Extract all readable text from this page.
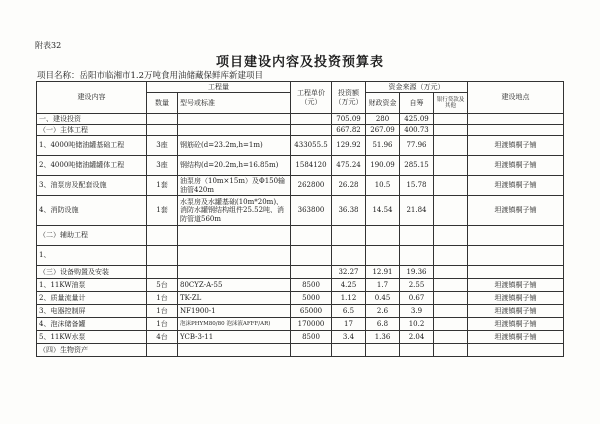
附表32
项目建设内容及投资预算表
项目名称：岳阳市临湘市1.2万吨食用油储藏保鲜库新建项目
建设内容	工程量		工程单价（元）	投资额（万元）	资金来源（万元）			建设地点
	数量	型号或标准			财政资金	自筹	银行贷款及其他	
一、建设投资				705.09	280	425.09		
（一）主体工程				667.82	267.09	400.73		
1、4000吨储油罐基础工程	3座	钢筋砼(d=23.2m,h=1m)	433055.5	129.92	51.96	77.96		坦渡镇桐子铺
2、4000吨储油罐罐体工程	3座	钢结构(d=20.2m,h=16.85m)	1584120	475.24	190.09	285.15		坦渡镇桐子铺
3、油泵房及配套设施	1套	油泵房（10m×15m）及Φ150输油管420m	262800	26.28	10.5	15.78		坦渡镇桐子铺
4、消防设施	1套	水泵房及水罐基础(10m*20m)、消防水罐钢结构组件25.52吨、消防管道560m	363800	36.38	14.54	21.84		坦渡镇桐子铺
（二）辅助工程								
1、								
（三）设备购置及安装				32.27	12.91	19.36		
1、11KW油泵	5台	80CYZ-A-55	8500	4.25	1.7	2.55		坦渡镇桐子铺
2、质量流量计	1台	TK-ZL	5000	1.12	0.45	0.67		坦渡镇桐子铺
3、电器控制屏	1台	NF1900-1	65000	6.5	2.6	3.9		坦渡镇桐子铺
4、泡沫储备罐	1台	泡沫PHYM80/80 泡沫液AFFF/AR)	170000	17	6.8	10.2		坦渡镇桐子铺
5、11KW水泵	4台	YCB-3-11	8500	3.4	1.36	2.04		坦渡镇桐子铺
（四）生物资产								
